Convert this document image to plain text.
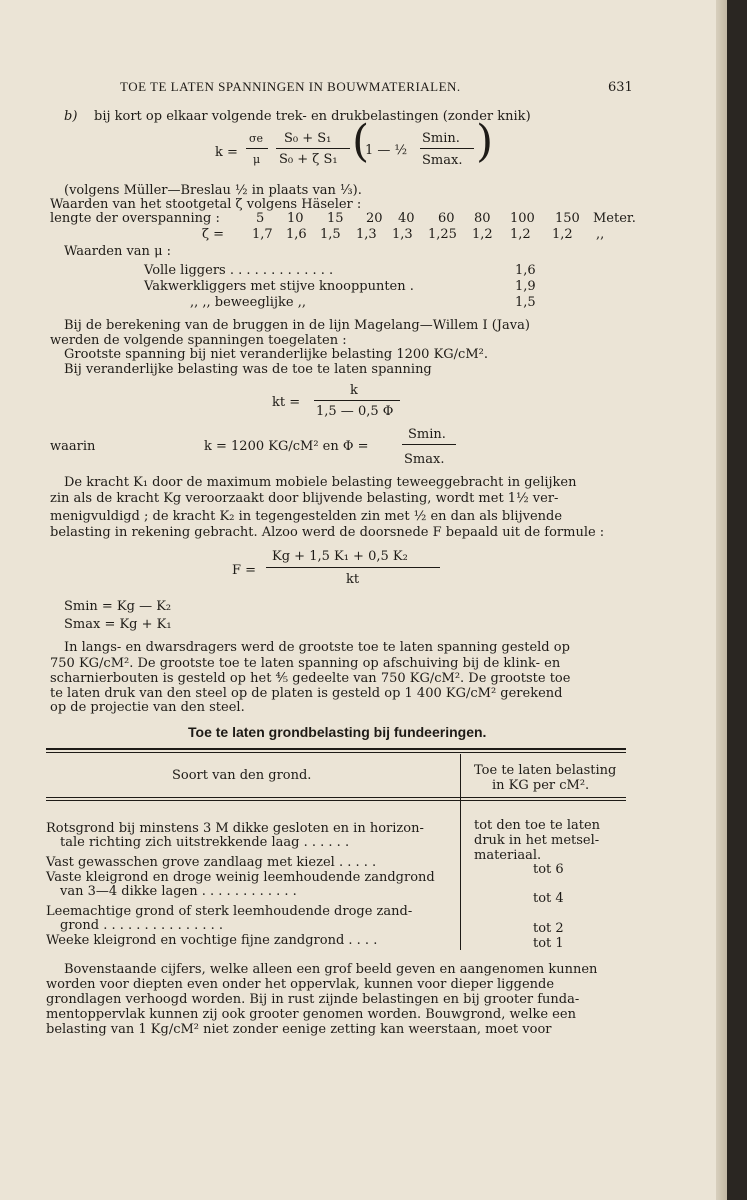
TOE TE LATEN SPANNINGEN IN BOUWMATERIALEN.	631
b) bij kort op elkaar volgende trek- en drukbelastingen (zonder knik)
k =
σe
μ
S₀ + S₁
S₀ + ζ S₁ (
1 — ½
Smin.
Smax. )
(volgens Müller—Breslau ½ in plaats van ⅓).
Waarden van het stootgetal ζ volgens Häseler :
lengte der overspanning :	5 10 15 20 40 60 80 100 150 Meter.
ζ = 1,7 1,6 1,5 1,3 1,3 1,25 1,2 1,2 1,2 ,,
Waarden van μ :
Volle liggers . . . . . . . . . . . . .	1,6
Vakwerkliggers met stijve knooppunten .	1,9
,, ,, beweeglijke ,,	1,5
Bij de berekening van de bruggen in de lijn Magelang—Willem I (Java)
werden de volgende spanningen toegelaten :
Grootste spanning bij niet veranderlijke belasting 1200 KG/cM².
Bij veranderlijke belasting was de toe te laten spanning
kt =
k
1,5 — 0,5 Φ
waarin	k = 1200 KG/cM² en Φ =
Smin.
Smax.
De kracht K₁ door de maximum mobiele belasting teweeggebracht in gelijken
zin als de kracht Kg veroorzaakt door blijvende belasting, wordt met 1½ ver-
menigvuldigd ; de kracht K₂ in tegengestelden zin met ½ en dan als blijvende
belasting in rekening gebracht. Alzoo werd de doorsnede F bepaald uit de formule :
F =
Kg + 1,5 K₁ + 0,5 K₂
kt
Smin = Kg — K₂
Smax = Kg + K₁
In langs- en dwarsdragers werd de grootste toe te laten spanning gesteld op
750 KG/cM². De grootste toe te laten spanning op afschuiving bij de klink- en
scharnierbouten is gesteld op het ⅘ gedeelte van 750 KG/cM². De grootste toe
te laten druk van den steel op de platen is gesteld op 1 400 KG/cM² gerekend
op de projectie van den steel.
Toe te laten grondbelasting bij fundeeringen.
Soort van den grond.	Toe te laten belasting
in KG per cM².
Rotsgrond bij minstens 3 M dikke gesloten en in horizon-
tale richting zich uitstrekkende laag . . . . . .
tot den toe te laten
druk in het metsel-
materiaal.
Vast gewasschen grove zandlaag met kiezel . . . . .	tot 6
Vaste kleigrond en droge weinig leemhoudende zandgrond
van 3—4 dikke lagen . . . . . . . . . . . .	tot 4
Leemachtige grond of sterk leemhoudende droge zand-
grond . . . . . . . . . . . . . . .	tot 2
Weeke kleigrond en vochtige fijne zandgrond . . . .	tot 1
Bovenstaande cijfers, welke alleen een grof beeld geven en aangenomen kunnen
worden voor diepten even onder het oppervlak, kunnen voor dieper liggende
grondlagen verhoogd worden. Bij in rust zijnde belastingen en bij grooter funda-
mentoppervlak kunnen zij ook grooter genomen worden. Bouwgrond, welke een
belasting van 1 Kg/cM² niet zonder eenige zetting kan weerstaan, moet voor
